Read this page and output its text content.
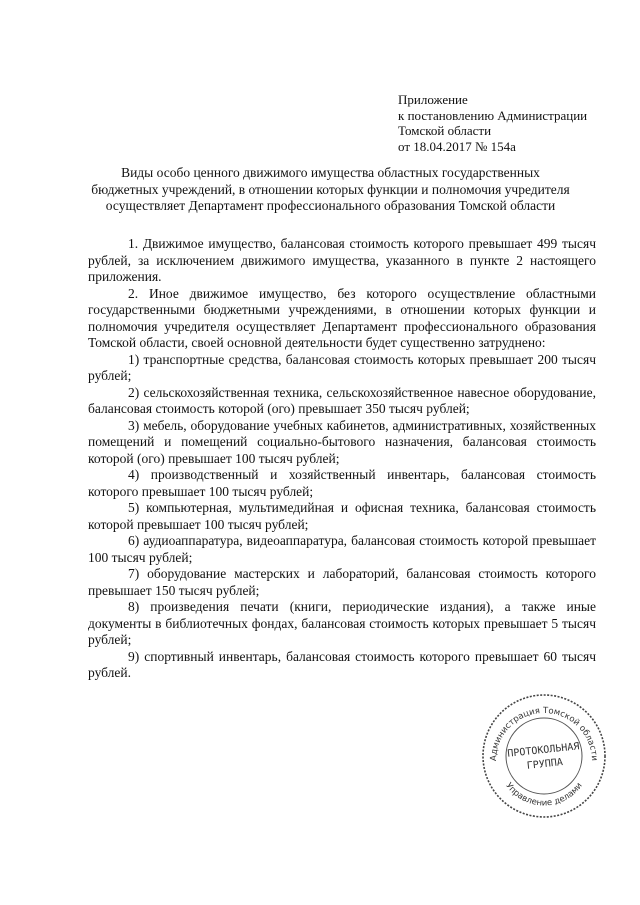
Приложение
к постановлению Администрации
Томской области
от 18.04.2017 № 154а
Виды особо ценного движимого имущества областных государственных бюджетных учреждений, в отношении которых функции и полномочия учредителя осуществляет Департамент профессионального образования Томской области

1. Движимое имущество, балансовая стоимость которого превышает 499 тысяч рублей, за исключением движимого имущества, указанного в пункте 2 настоящего приложения.

2. Иное движимое имущество, без которого осуществление областными государственными бюджетными учреждениями, в отношении которых функции и полномочия учредителя осуществляет Департамент профессионального образования Томской области, своей основной деятельности будет существенно затруднено:

1) транспортные средства, балансовая стоимость которых превышает 200 тысяч рублей;

2) сельскохозяйственная техника, сельскохозяйственное навесное оборудование, балансовая стоимость которой (ого) превышает 350 тысяч рублей;

3) мебель, оборудование учебных кабинетов, административных, хозяйственных помещений и помещений социально-бытового назначения, балансовая стоимость которой (ого) превышает 100 тысяч рублей;

4) производственный и хозяйственный инвентарь, балансовая стоимость которого превышает 100 тысяч рублей;

5) компьютерная, мультимедийная и офисная техника, балансовая стоимость которой превышает 100 тысяч рублей;

6) аудиоаппаратура, видеоаппаратура, балансовая стоимость которой превышает 100 тысяч рублей;

7) оборудование мастерских и лабораторий, балансовая стоимость которого превышает 150 тысяч рублей;

8) произведения печати (книги, периодические издания), а также иные документы в библиотечных фондах, балансовая стоимость которых превышает 5 тысяч рублей;

9) спортивный инвентарь, балансовая стоимость которого превышает 60 тысяч рублей.

Администрация Томской области
Управление делами
ПРОТОКОЛЬНАЯ
ГРУППА
